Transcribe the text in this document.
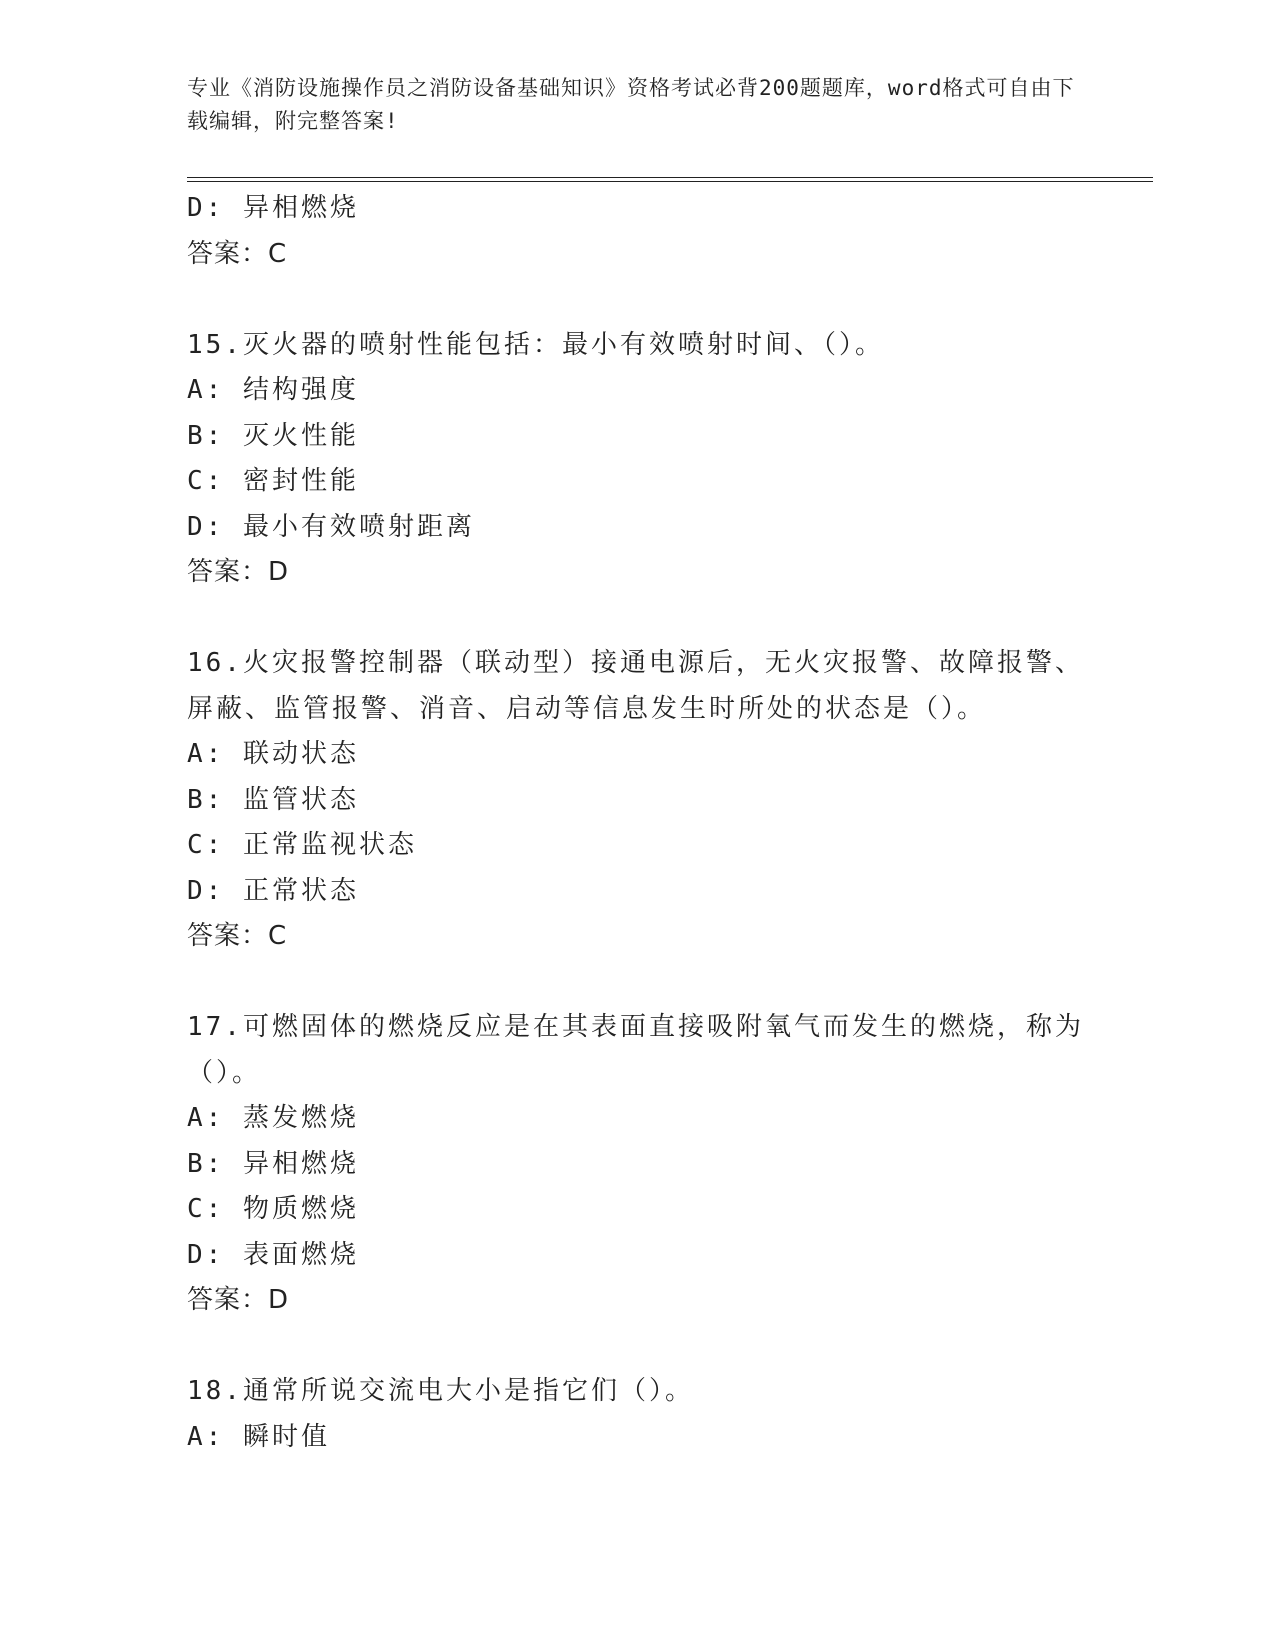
专业《消防设施操作员之消防设备基础知识》资格考试必背200题题库，word格式可自由下载编辑，附完整答案!
D: 异相燃烧
答案：C
15.灭火器的喷射性能包括：最小有效喷射时间、（）。
A: 结构强度
B: 灭火性能
C: 密封性能
D: 最小有效喷射距离
答案：D
16.火灾报警控制器（联动型）接通电源后，无火灾报警、故障报警、屏蔽、监管报警、消音、启动等信息发生时所处的状态是（）。
A: 联动状态
B: 监管状态
C: 正常监视状态
D: 正常状态
答案：C
17.可燃固体的燃烧反应是在其表面直接吸附氧气而发生的燃烧，称为（）。
A: 蒸发燃烧
B: 异相燃烧
C: 物质燃烧
D: 表面燃烧
答案：D
18.通常所说交流电大小是指它们（）。
A: 瞬时值
